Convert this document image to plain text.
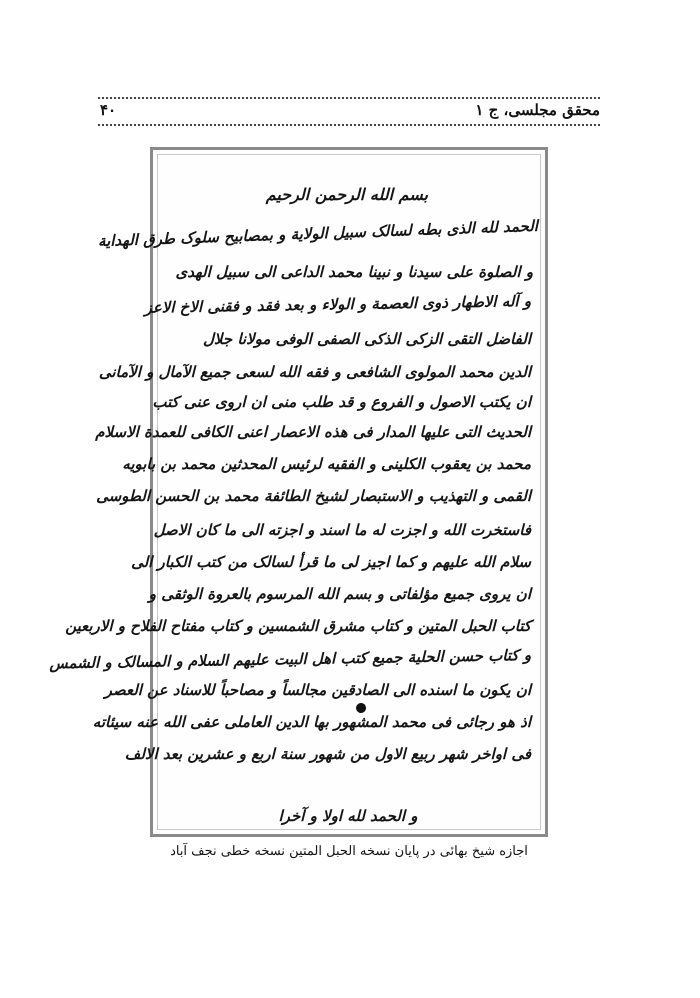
محقق مجلسی، ج ۱
۴۰
بسم الله الرحمن الرحیم
الحمد لله الذی بطه لسالک سبیل الولایة و بمصابیح سلوک طرق الهدایة
و الصلوة علی سیدنا و نبینا محمد الداعی الی سبیل الهدی
و آله الاطهار ذوی العصمة و الولاء و بعد فقد و فقنی الاخ الاعز
الفاضل التقی الزکی الذکی الصفی الوفی مولانا جلال
الدین محمد المولوی الشافعی و فقه الله لسعی جمیع الآمال و الآمانی
ان یکتب الاصول و الفروع و قد طلب منی ان اروی عنی کتب
الحدیث التی علیها المدار فی هذه الاعصار اعنی الکافی للعمدة الاسلام
محمد بن یعقوب الکلینی و الفقیه لرئیس المحدثین محمد بن بابویه
القمی و التهذیب و الاستبصار لشیخ الطائفة محمد بن الحسن الطوسی
فاستخرت الله و اجزت له ما اسند و اجزته الی ما کان الاصل
سلام الله علیهم و کما اجیز لی ما قرأ لسالک من کتب الکبار الی
ان یروی جمیع مؤلفاتی و بسم الله المرسوم بالعروة الوثقی و
کتاب الحبل المتین و کتاب مشرق الشمسین و کتاب مفتاح الفلاح و الاربعین
و کتاب حسن الحلیة جمیع کتب اهل البیت علیهم السلام و المسالک و الشمس
ان یکون ما اسنده الی الصادقین مجالساً و مصاحباً للاسناد عن العصر
اذ هو رجائی فی محمد المشهور بها الدین العاملی عفی الله عنه سیئاته
فی اواخر شهر ربیع الاول من شهور سنة اربع و عشرین بعد الالف
و الحمد لله اولا و آخرا
اجازه شیخ بهائی در پایان نسخه الحبل المتین نسخه خطی نجف آباد
